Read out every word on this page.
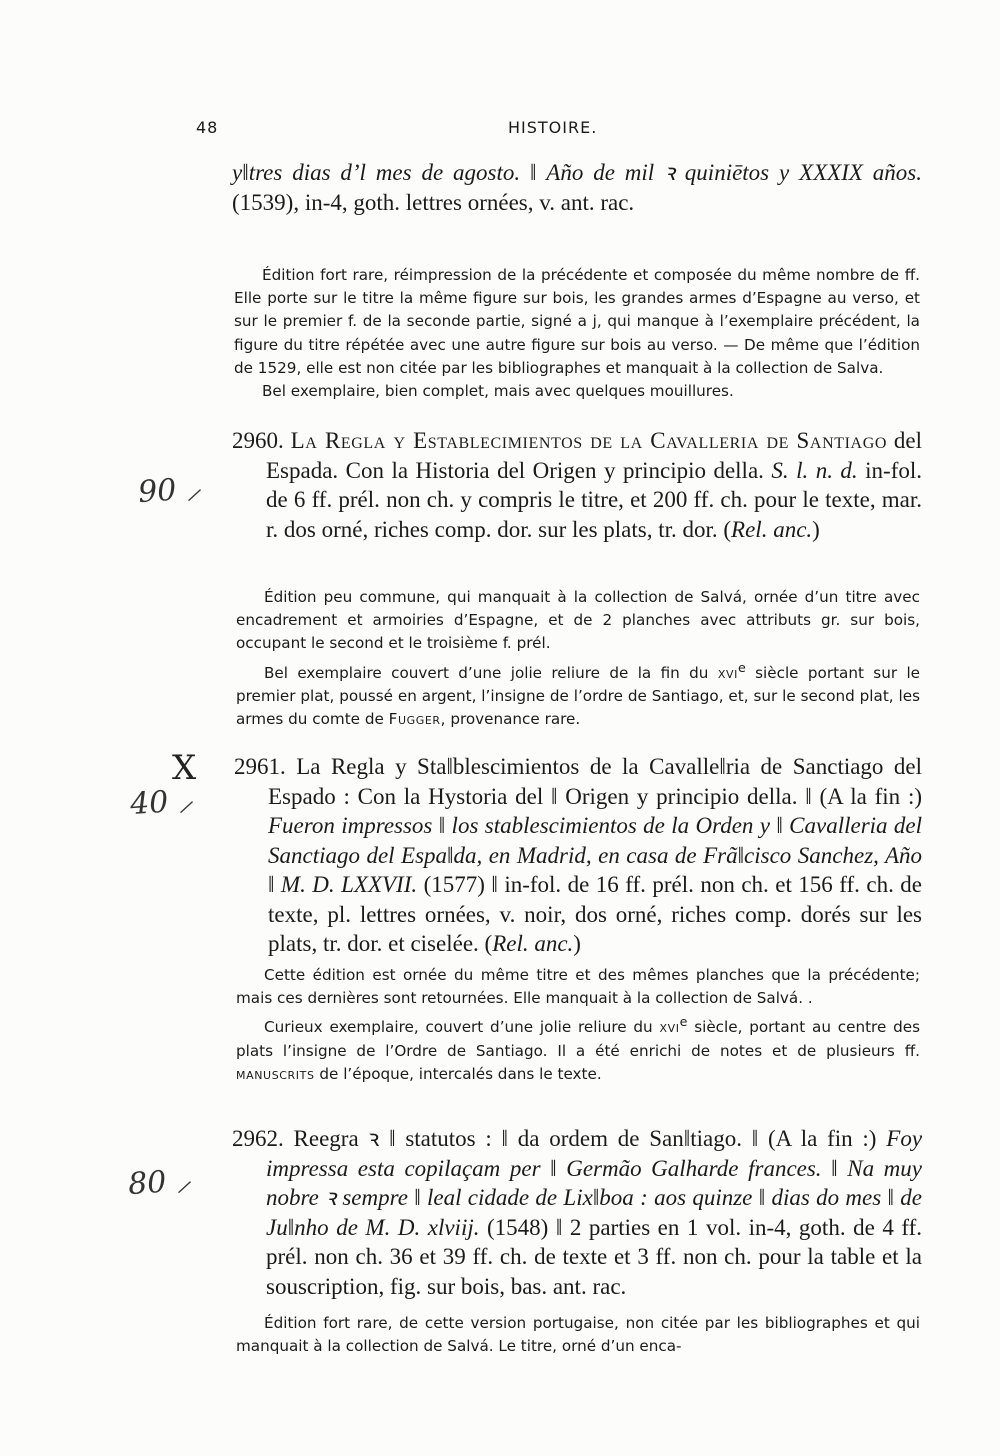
48	HISTOIRE.

y‖tres dias d’l mes de agosto. ‖ Año de mil ꝛ quiniētos y XXXIX años. (1539), in-4, goth. lettres ornées, v. ant. rac.

Édition fort rare, réimpression de la précédente et composée du même nombre de ff. Elle porte sur le titre la même figure sur bois, les grandes armes d’Espagne au verso, et sur le premier f. de la seconde partie, signé a j, qui manque à l’exemplaire précédent, la figure du titre répétée avec une autre figure sur bois au verso. — De même que l’édition de 1529, elle est non citée par les bibliographes et manquait à la collection de Salva.

Bel exemplaire, bien complet, mais avec quelques mouillures.

90 ⸝

2960. La Regla y Establecimientos de la Cavalleria de Santiago del Espada. Con la Historia del Origen y principio della. S. l. n. d. in-fol. de 6 ff. prél. non ch. y compris le titre, et 200 ff. ch. pour le texte, mar. r. dos orné, riches comp. dor. sur les plats, tr. dor. (Rel. anc.)

Édition peu commune, qui manquait à la collection de Salvá, ornée d’un titre avec encadrement et armoiries d’Espagne, et de 2 planches avec attributs gr. sur bois, occupant le second et le troisième f. prél.

Bel exemplaire couvert d’une jolie reliure de la fin du xvi$^e$ siècle portant sur le premier plat, poussé en argent, l’insigne de l’ordre de Santiago, et, sur le second plat, les armes du comte de Fugger, provenance rare.

X
40 ⸝

2961. La Regla y Sta‖blescimientos de la Cavalle‖ria de Sanctiago del Espado : Con la Hystoria del ‖ Origen y principio della. ‖ (A la fin :) Fueron impressos ‖ los stablescimientos de la Orden y ‖ Cavalleria del Sanctiago del Espa‖da, en Madrid, en casa de Frã‖cisco Sanchez, Año ‖ M. D. LXXVII. (1577) ‖ in-fol. de 16 ff. prél. non ch. et 156 ff. ch. de texte, pl. lettres ornées, v. noir, dos orné, riches comp. dorés sur les plats, tr. dor. et ciselée. (Rel. anc.)

Cette édition est ornée du même titre et des mêmes planches que la précédente; mais ces dernières sont retournées. Elle manquait à la collection de Salvá. .

Curieux exemplaire, couvert d’une jolie reliure du xvi$^e$ siècle, portant au centre des plats l’insigne de l’Ordre de Santiago. Il a été enrichi de notes et de plusieurs ff. manuscrits de l’époque, intercalés dans le texte.

80 ⸝

2962. Reegra ꝛ ‖ statutos : ‖ da ordem de San‖tiago. ‖ (A la fin :) Foy impressa esta copilaçam per ‖ Germão Galharde frances. ‖ Na muy nobre ꝛ sempre ‖ leal cidade de Lix‖boa : aos quinze ‖ dias do mes ‖ de Ju‖nho de M. D. xlviij. (1548) ‖ 2 parties en 1 vol. in-4, goth. de 4 ff. prél. non ch. 36 et 39 ff. ch. de texte et 3 ff. non ch. pour la table et la souscription, fig. sur bois, bas. ant. rac.

Édition fort rare, de cette version portugaise, non citée par les bibliographes et qui manquait à la collection de Salvá. Le titre, orné d’un enca-
